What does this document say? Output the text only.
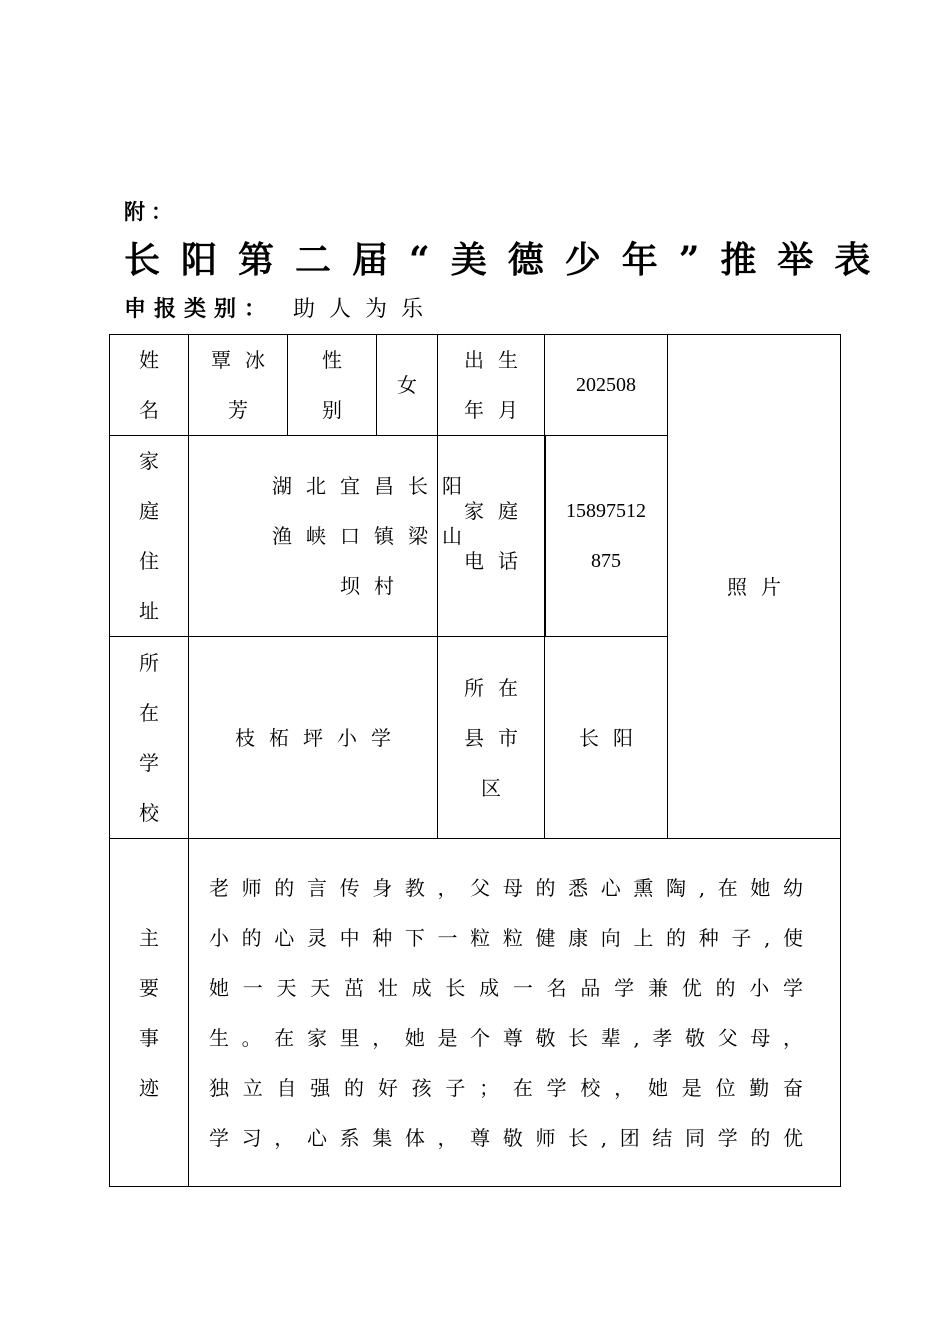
附：
长阳第二届“美德少年”推举表
申报类别： 助人为乐
姓
名
覃冰
芳
性
别
女
出生
年月
202508
照片
家
庭
住
址
湖北宜昌长阳
渔峡口镇梁山
坝村
家庭
电话
15897512
875
所
在
学
校
枝柘坪小学
所在
县市
区
长阳
主
要
事
迹
老师的言传身教，父母的悉心熏陶,在她幼
小的心灵中种下一粒粒健康向上的种子,使
她一天天茁壮成长成一名品学兼优的小学
生。在家里，她是个尊敬长辈,孝敬父母，
独立自强的好孩子；在学校，她是位勤奋
学习，心系集体，尊敬师长,团结同学的优
